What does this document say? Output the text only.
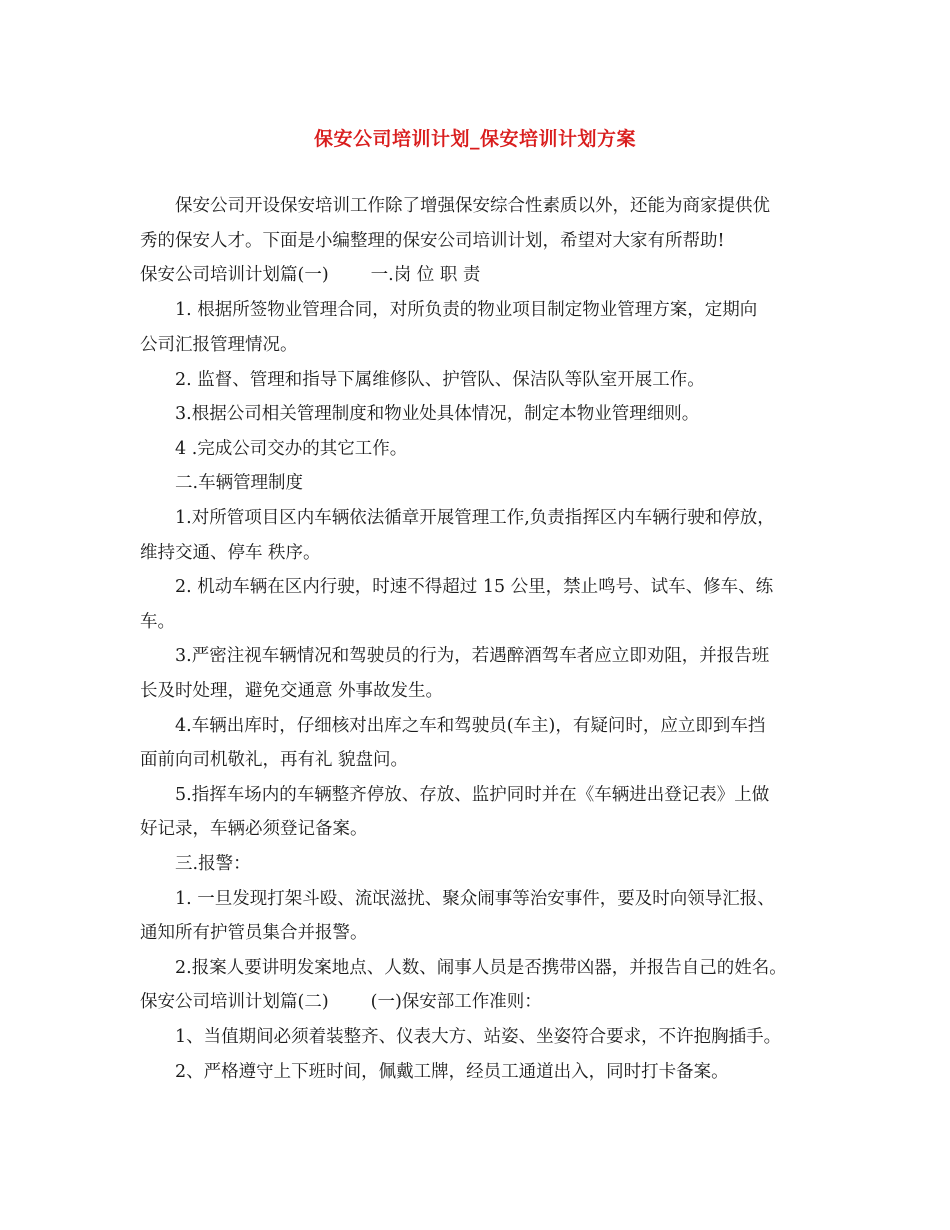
保安公司培训计划_保安培训计划方案
保安公司开设保安培训工作除了增强保安综合性素质以外，还能为商家提供优
秀的保安人才。下面是小编整理的保安公司培训计划，希望对大家有所帮助!
保安公司培训计划篇(一) 一.岗 位 职 责
1. 根据所签物业管理合同，对所负责的物业项目制定物业管理方案，定期向
公司汇报管理情况。
2. 监督、管理和指导下属维修队、护管队、保洁队等队室开展工作。
3.根据公司相关管理制度和物业处具体情况，制定本物业管理细则。
4 .完成公司交办的其它工作。
二.车辆管理制度
1.对所管项目区内车辆依法循章开展管理工作,负责指挥区内车辆行驶和停放，
维持交通、停车 秩序。
2. 机动车辆在区内行驶，时速不得超过 15 公里，禁止鸣号、试车、修车、练
车。
3.严密注视车辆情况和驾驶员的行为，若遇醉酒驾车者应立即劝阻，并报告班
长及时处理，避免交通意 外事故发生。
4.车辆出库时，仔细核对出库之车和驾驶员(车主)，有疑问时，应立即到车挡
面前向司机敬礼，再有礼 貌盘问。
5.指挥车场内的车辆整齐停放、存放、监护同时并在《车辆进出登记表》上做
好记录，车辆必须登记备案。
三.报警：
1. 一旦发现打架斗殴、流氓滋扰、聚众闹事等治安事件，要及时向领导汇报、
通知所有护管员集合并报警。
2.报案人要讲明发案地点、人数、闹事人员是否携带凶器，并报告自己的姓名。
保安公司培训计划篇(二) (一)保安部工作准则：
1、当值期间必须着装整齐、仪表大方、站姿、坐姿符合要求，不许抱胸插手。
2、严格遵守上下班时间，佩戴工牌，经员工通道出入，同时打卡备案。
